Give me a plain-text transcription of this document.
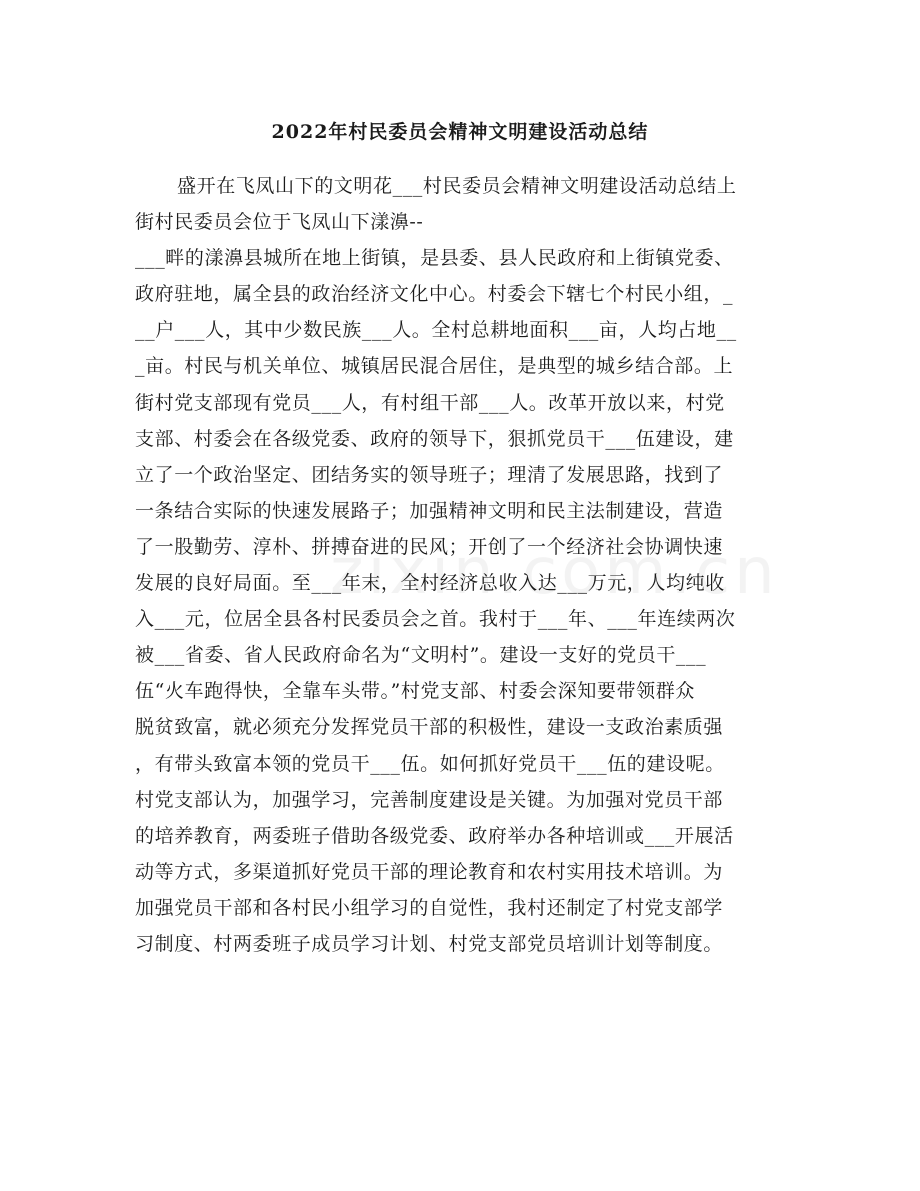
2022年村民委员会精神文明建设活动总结
盛开在飞凤山下的文明花___村民委员会精神文明建设活动总结上
街村民委员会位于飞凤山下漾濞--
___畔的漾濞县城所在地上街镇，是县委、县人民政府和上街镇党委、
政府驻地，属全县的政治经济文化中心。村委会下辖七个村民小组，_
__户___人，其中少数民族___人。全村总耕地面积___亩，人均占地__
_亩。村民与机关单位、城镇居民混合居住，是典型的城乡结合部。上
街村党支部现有党员___人，有村组干部___人。改革开放以来，村党
支部、村委会在各级党委、政府的领导下，狠抓党员干___伍建设，建
立了一个政治坚定、团结务实的领导班子；理清了发展思路，找到了
一条结合实际的快速发展路子；加强精神文明和民主法制建设，营造
了一股勤劳、淳朴、拼搏奋进的民风；开创了一个经济社会协调快速
发展的良好局面。至___年末，全村经济总收入达___万元，人均纯收
入___元，位居全县各村民委员会之首。我村于___年、___年连续两次
被___省委、省人民政府命名为“文明村”。建设一支好的党员干___
伍“火车跑得快，全靠车头带。”村党支部、村委会深知要带领群众
脱贫致富，就必须充分发挥党员干部的积极性，建设一支政治素质强
，有带头致富本领的党员干___伍。如何抓好党员干___伍的建设呢。
村党支部认为，加强学习，完善制度建设是关键。为加强对党员干部
的培养教育，两委班子借助各级党委、政府举办各种培训或___开展活
动等方式，多渠道抓好党员干部的理论教育和农村实用技术培训。为
加强党员干部和各村民小组学习的自觉性，我村还制定了村党支部学
习制度、村两委班子成员学习计划、村党支部党员培训计划等制度。
